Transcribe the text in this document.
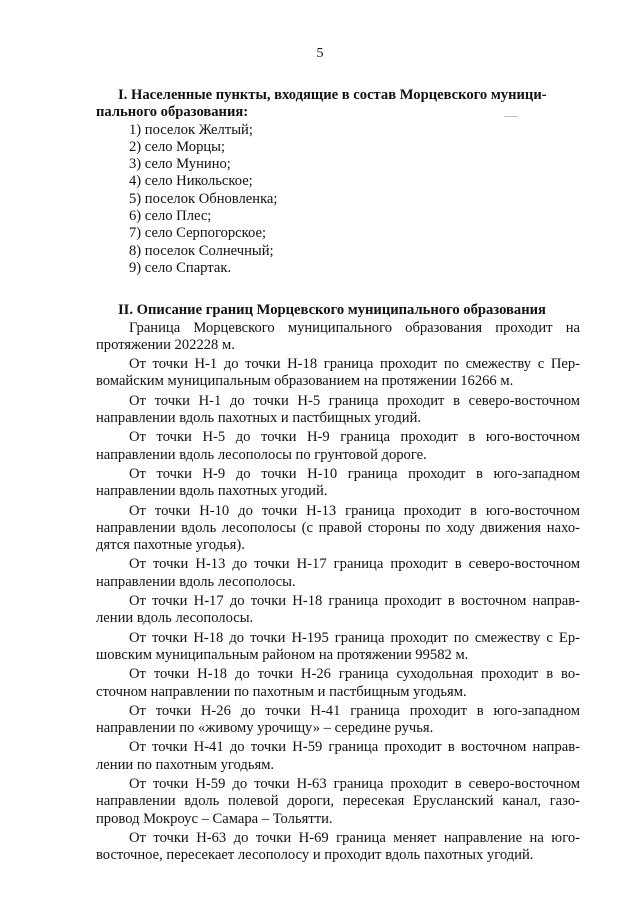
5
I. Населенные пункты, входящие в состав Морцевского муници-
пального образования:
1) поселок Желтый;
2) село Морцы;
3) село Мунино;
4) село Никольское;
5) поселок Обновленка;
6) село Плес;
7) село Серпогорское;
8) поселок Солнечный;
9) село Спартак.
II. Описание границ Морцевского муниципального образования

Граница Морцевского муниципального образования проходит на
протяжении 202228 м.

От точки Н-1 до точки Н-18 граница проходит по смежеству с Пер-
вомайским муниципальным образованием на протяжении 16266 м.

От точки Н-1 до точки Н-5 граница проходит в северо-восточном
направлении вдоль пахотных и пастбищных угодий.

От точки Н-5 до точки Н-9 граница проходит в юго-восточном
направлении вдоль лесополосы по грунтовой дороге.

От точки Н-9 до точки Н-10 граница проходит в юго-западном
направлении вдоль пахотных угодий.

От точки Н-10 до точки Н-13 граница проходит в юго-восточном
направлении вдоль лесополосы (с правой стороны по ходу движения нахо-дятся пахотные угодья).

От точки Н-13 до точки Н-17 граница проходит в северо-восточном
направлении вдоль лесополосы.

От точки Н-17 до точки Н-18 граница проходит в восточном направ-
лении вдоль лесополосы.

От точки Н-18 до точки Н-195 граница проходит по смежеству с Ер-
шовским муниципальным районом на протяжении 99582 м.

От точки Н-18 до точки Н-26 граница суходольная проходит в во-
сточном направлении по пахотным и пастбищным угодьям.

От точки Н-26 до точки Н-41 граница проходит в юго-западном
направлении по «живому урочищу» – середине ручья.

От точки Н-41 до точки Н-59 граница проходит в восточном направ-
лении по пахотным угодьям.

От точки Н-59 до точки Н-63 граница проходит в северо-восточном
направлении вдоль полевой дороги, пересекая Ерусланский канал, газо-провод Мокроус – Самара – Тольятти.

От точки Н-63 до точки Н-69 граница меняет направление на юго-
восточное, пересекает лесополосу и проходит вдоль пахотных угодий.
